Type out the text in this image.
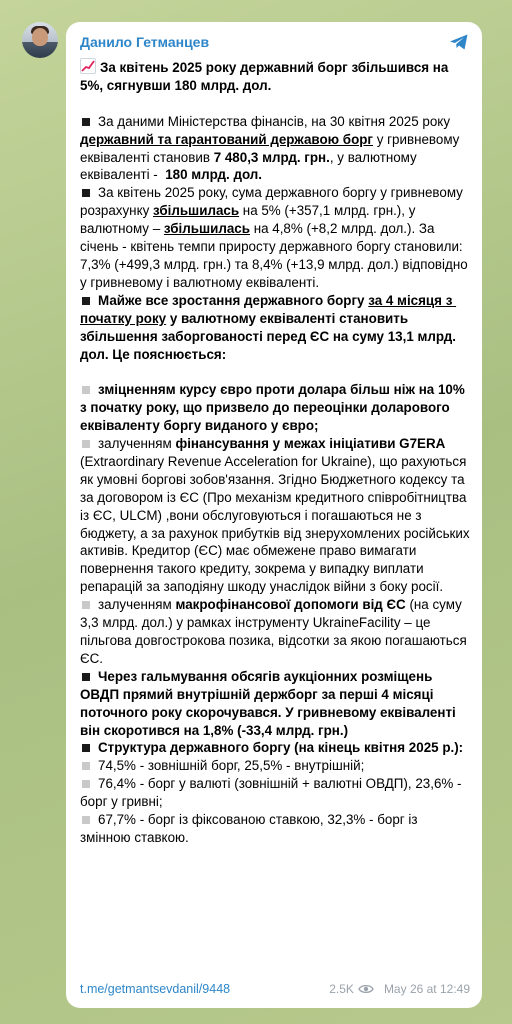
Данило Гетманцев
За квітень 2025 року державний борг збільшився на 5%, сягнувши 180 млрд. дол.

За даними Міністерства фінансів, на 30 квітня 2025 року державний та гарантований державою борг у гривневому еквіваленті становив 7 480,3 млрд. грн., у валютному еквіваленті -  180 млрд. дол.
За квітень 2025 року, сума державного боргу у гривневому розрахунку збільшилась на 5% (+357,1 млрд. грн.), у валютному – збільшилась на 4,8% (+8,2 млрд. дол.). За січень - квітень темпи приросту державного боргу становили: 7,3% (+499,3 млрд. грн.) та 8,4% (+13,9 млрд. дол.) відповідно у гривневому і валютному еквіваленті.
Майже все зростання державного боргу за 4 місяця з початку року у валютному еквіваленті становить збільшення заборгованості перед ЄС на суму 13,1 млрд. дол. Це пояснюється:

зміцненням курсу євро проти долара більш ніж на 10% з початку року, що призвело до переоцінки доларового еквіваленту боргу виданого у євро;
залученням фінансування у межах ініціативи G7ERA (Extraordinary Revenue Acceleration for Ukraine), що рахуються як умовні боргові зобов'язання. Згідно Бюджетного кодексу та за договором із ЄС (Про механізм кредитного співробітництва із ЄС, ULCM) ,вони обслуговуються і погашаються не з бюджету, а за рахунок прибутків від знерухомлених російських активів. Кредитор (ЄС) має обмежене право вимагати повернення такого кредиту, зокрема у випадку виплати репарацій за заподіяну шкоду унаслідок війни з боку росії.
залученням макрофінансової допомоги від ЄС (на суму 3,3 млрд. дол.) у рамках інструменту UkraineFacility – це пільгова довгострокова позика, відсотки за якою погашаються ЄС.
Через гальмування обсягів аукціонних розміщень ОВДП прямий внутрішній держборг за перші 4 місяці поточного року скорочувався. У гривневому еквіваленті він скоротився на 1,8% (-33,4 млрд. грн.)
Структура державного боргу (на кінець квітня 2025 р.):
74,5% - зовнішній борг, 25,5% - внутрішній;
76,4% - борг у валюті (зовнішній + валютні ОВДП), 23,6% - борг у гривні;
67,7% - борг із фіксованою ставкою, 32,3% - борг із змінною ставкою.
t.me/getmantsevdanil/9448	2.5K	May 26 at 12:49
